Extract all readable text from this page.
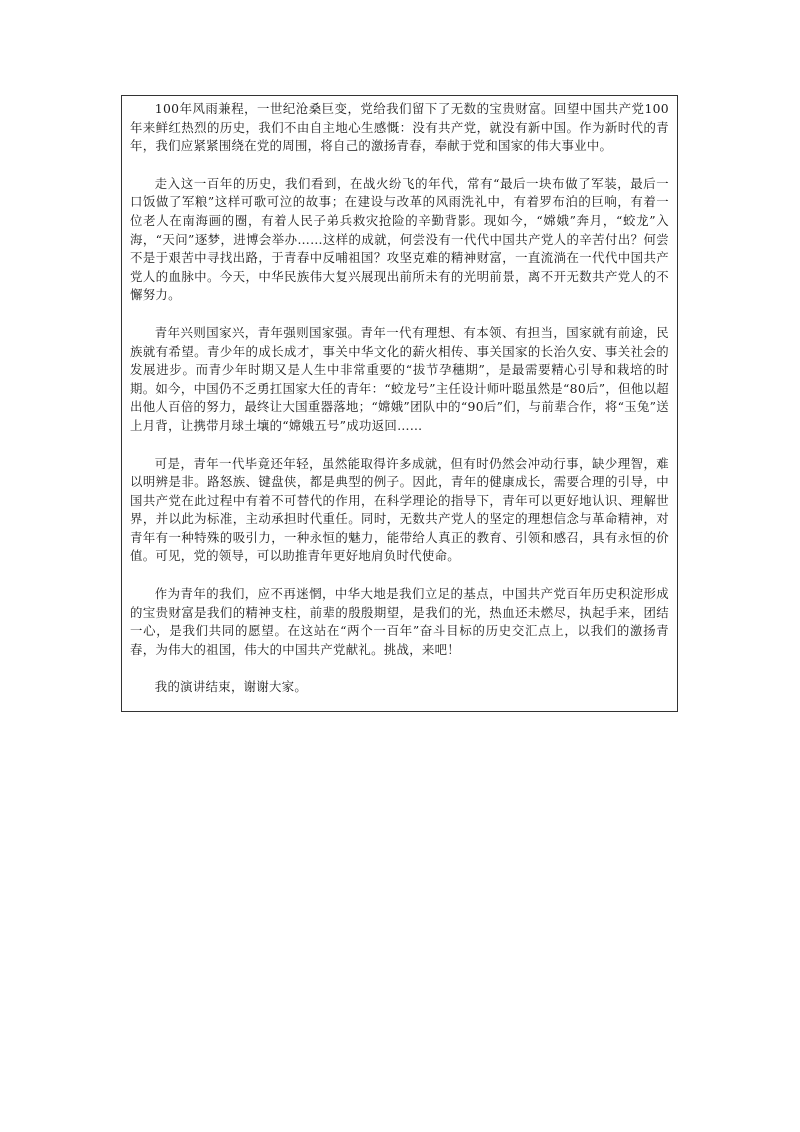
100年风雨兼程，一世纪沧桑巨变，党给我们留下了无数的宝贵财富。回望中国共产党100年来鲜红热烈的历史，我们不由自主地心生感慨：没有共产党，就没有新中国。作为新时代的青年，我们应紧紧围绕在党的周围，将自己的激扬青春，奉献于党和国家的伟大事业中。

走入这一百年的历史，我们看到，在战火纷飞的年代，常有“最后一块布做了军装，最后一口饭做了军粮”这样可歌可泣的故事；在建设与改革的风雨洗礼中，有着罗布泊的巨响，有着一位老人在南海画的圈，有着人民子弟兵救灾抢险的辛勤背影。现如今，“嫦娥”奔月，“蛟龙”入海，“天问”逐梦，进博会举办……这样的成就，何尝没有一代代中国共产党人的辛苦付出？何尝不是于艰苦中寻找出路，于青春中反哺祖国？攻坚克难的精神财富，一直流淌在一代代中国共产党人的血脉中。今天，中华民族伟大复兴展现出前所未有的光明前景，离不开无数共产党人的不懈努力。

青年兴则国家兴，青年强则国家强。青年一代有理想、有本领、有担当，国家就有前途，民族就有希望。青少年的成长成才，事关中华文化的薪火相传、事关国家的长治久安、事关社会的发展进步。而青少年时期又是人生中非常重要的“拔节孕穗期”，是最需要精心引导和栽培的时期。如今，中国仍不乏勇扛国家大任的青年：“蛟龙号”主任设计师叶聪虽然是“80后”，但他以超出他人百倍的努力，最终让大国重器落地；“嫦娥”团队中的“90后”们，与前辈合作，将“玉兔”送上月背，让携带月球土壤的“嫦娥五号”成功返回……

可是，青年一代毕竟还年轻，虽然能取得许多成就，但有时仍然会冲动行事，缺少理智，难以明辨是非。路怒族、键盘侠，都是典型的例子。因此，青年的健康成长，需要合理的引导，中国共产党在此过程中有着不可替代的作用，在科学理论的指导下，青年可以更好地认识、理解世界，并以此为标准，主动承担时代重任。同时，无数共产党人的坚定的理想信念与革命精神，对青年有一种特殊的吸引力，一种永恒的魅力，能带给人真正的教育、引领和感召，具有永恒的价值。可见，党的领导，可以助推青年更好地肩负时代使命。

作为青年的我们，应不再迷惘，中华大地是我们立足的基点，中国共产党百年历史积淀形成的宝贵财富是我们的精神支柱，前辈的殷殷期望，是我们的光，热血还未燃尽，执起手来，团结一心，是我们共同的愿望。在这站在“两个一百年”奋斗目标的历史交汇点上，以我们的激扬青春，为伟大的祖国，伟大的中国共产党献礼。挑战，来吧！

我的演讲结束，谢谢大家。
